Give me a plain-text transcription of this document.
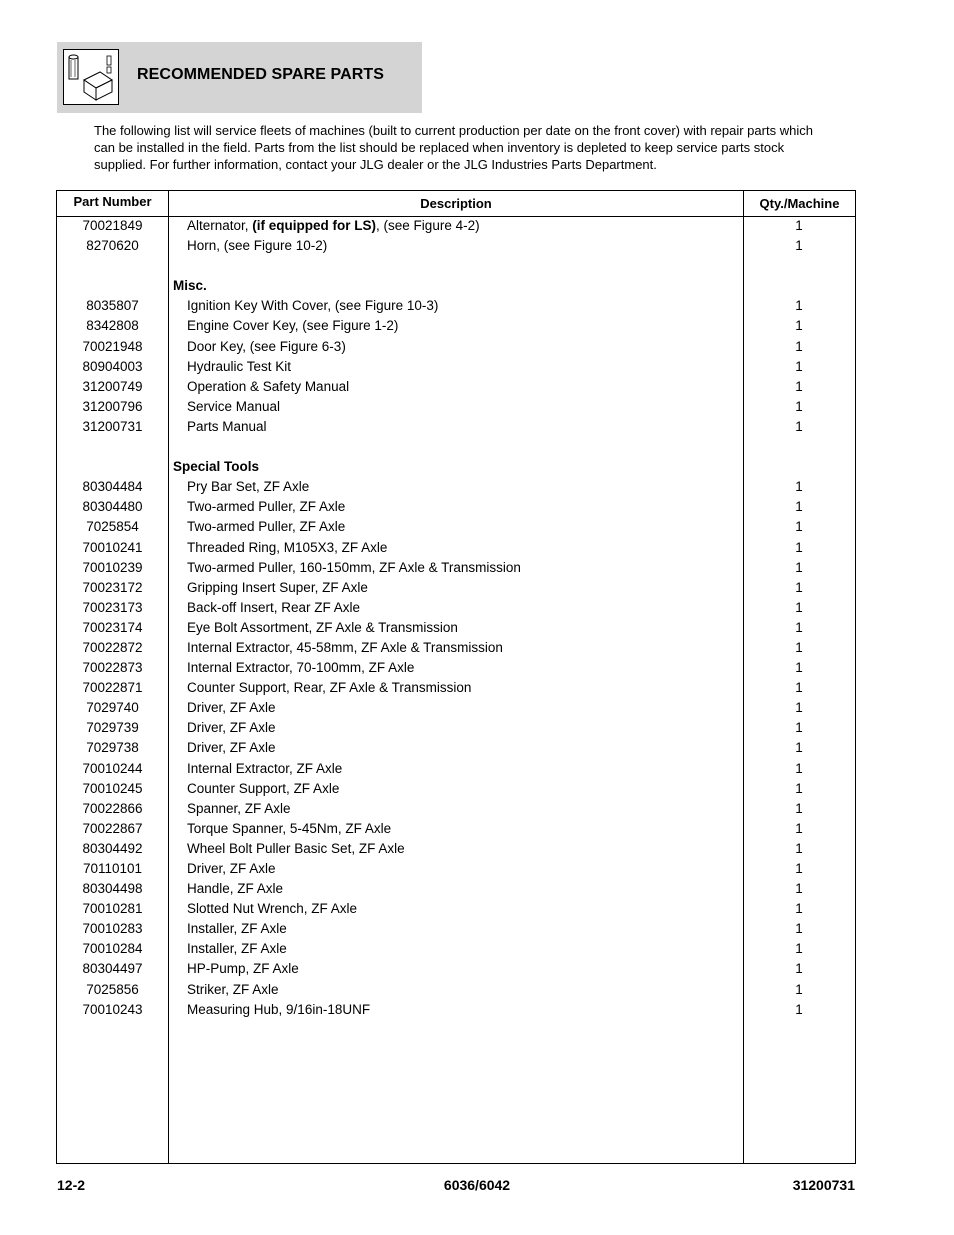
RECOMMENDED SPARE PARTS
The following list will service fleets of machines (built to current production per date on the front cover) with repair parts which can be installed in the field. Parts from the list should be replaced when inventory is depleted to keep service parts stock supplied. For further information, contact your JLG dealer or the JLG Industries Parts Department.
Part Number	Description	Qty./Machine
70021849	Alternator, (if equipped for LS), (see Figure 4-2)	1
8270620	Horn, (see Figure 10-2)	1
Misc.
8035807	Ignition Key With Cover, (see Figure 10-3)	1
8342808	Engine Cover Key, (see Figure 1-2)	1
70021948	Door Key, (see Figure 6-3)	1
80904003	Hydraulic Test Kit	1
31200749	Operation & Safety Manual	1
31200796	Service Manual	1
31200731	Parts Manual	1
Special Tools
80304484	Pry Bar Set, ZF Axle	1
80304480	Two-armed Puller, ZF Axle	1
7025854	Two-armed Puller, ZF Axle	1
70010241	Threaded Ring, M105X3, ZF Axle	1
70010239	Two-armed Puller, 160-150mm, ZF Axle & Transmission	1
70023172	Gripping Insert Super, ZF Axle	1
70023173	Back-off Insert, Rear ZF Axle	1
70023174	Eye Bolt Assortment, ZF Axle & Transmission	1
70022872	Internal Extractor, 45-58mm, ZF Axle & Transmission	1
70022873	Internal Extractor, 70-100mm, ZF Axle	1
70022871	Counter Support, Rear, ZF Axle & Transmission	1
7029740	Driver, ZF Axle	1
7029739	Driver, ZF Axle	1
7029738	Driver, ZF Axle	1
70010244	Internal Extractor, ZF Axle	1
70010245	Counter Support, ZF Axle	1
70022866	Spanner, ZF Axle	1
70022867	Torque Spanner, 5-45Nm, ZF Axle	1
80304492	Wheel Bolt Puller Basic Set, ZF Axle	1
70110101	Driver, ZF Axle	1
80304498	Handle, ZF Axle	1
70010281	Slotted Nut Wrench, ZF Axle	1
70010283	Installer, ZF Axle	1
70010284	Installer, ZF Axle	1
80304497	HP-Pump, ZF Axle	1
7025856	Striker, ZF Axle	1
70010243	Measuring Hub, 9/16in-18UNF	1
12-2	6036/6042	31200731
